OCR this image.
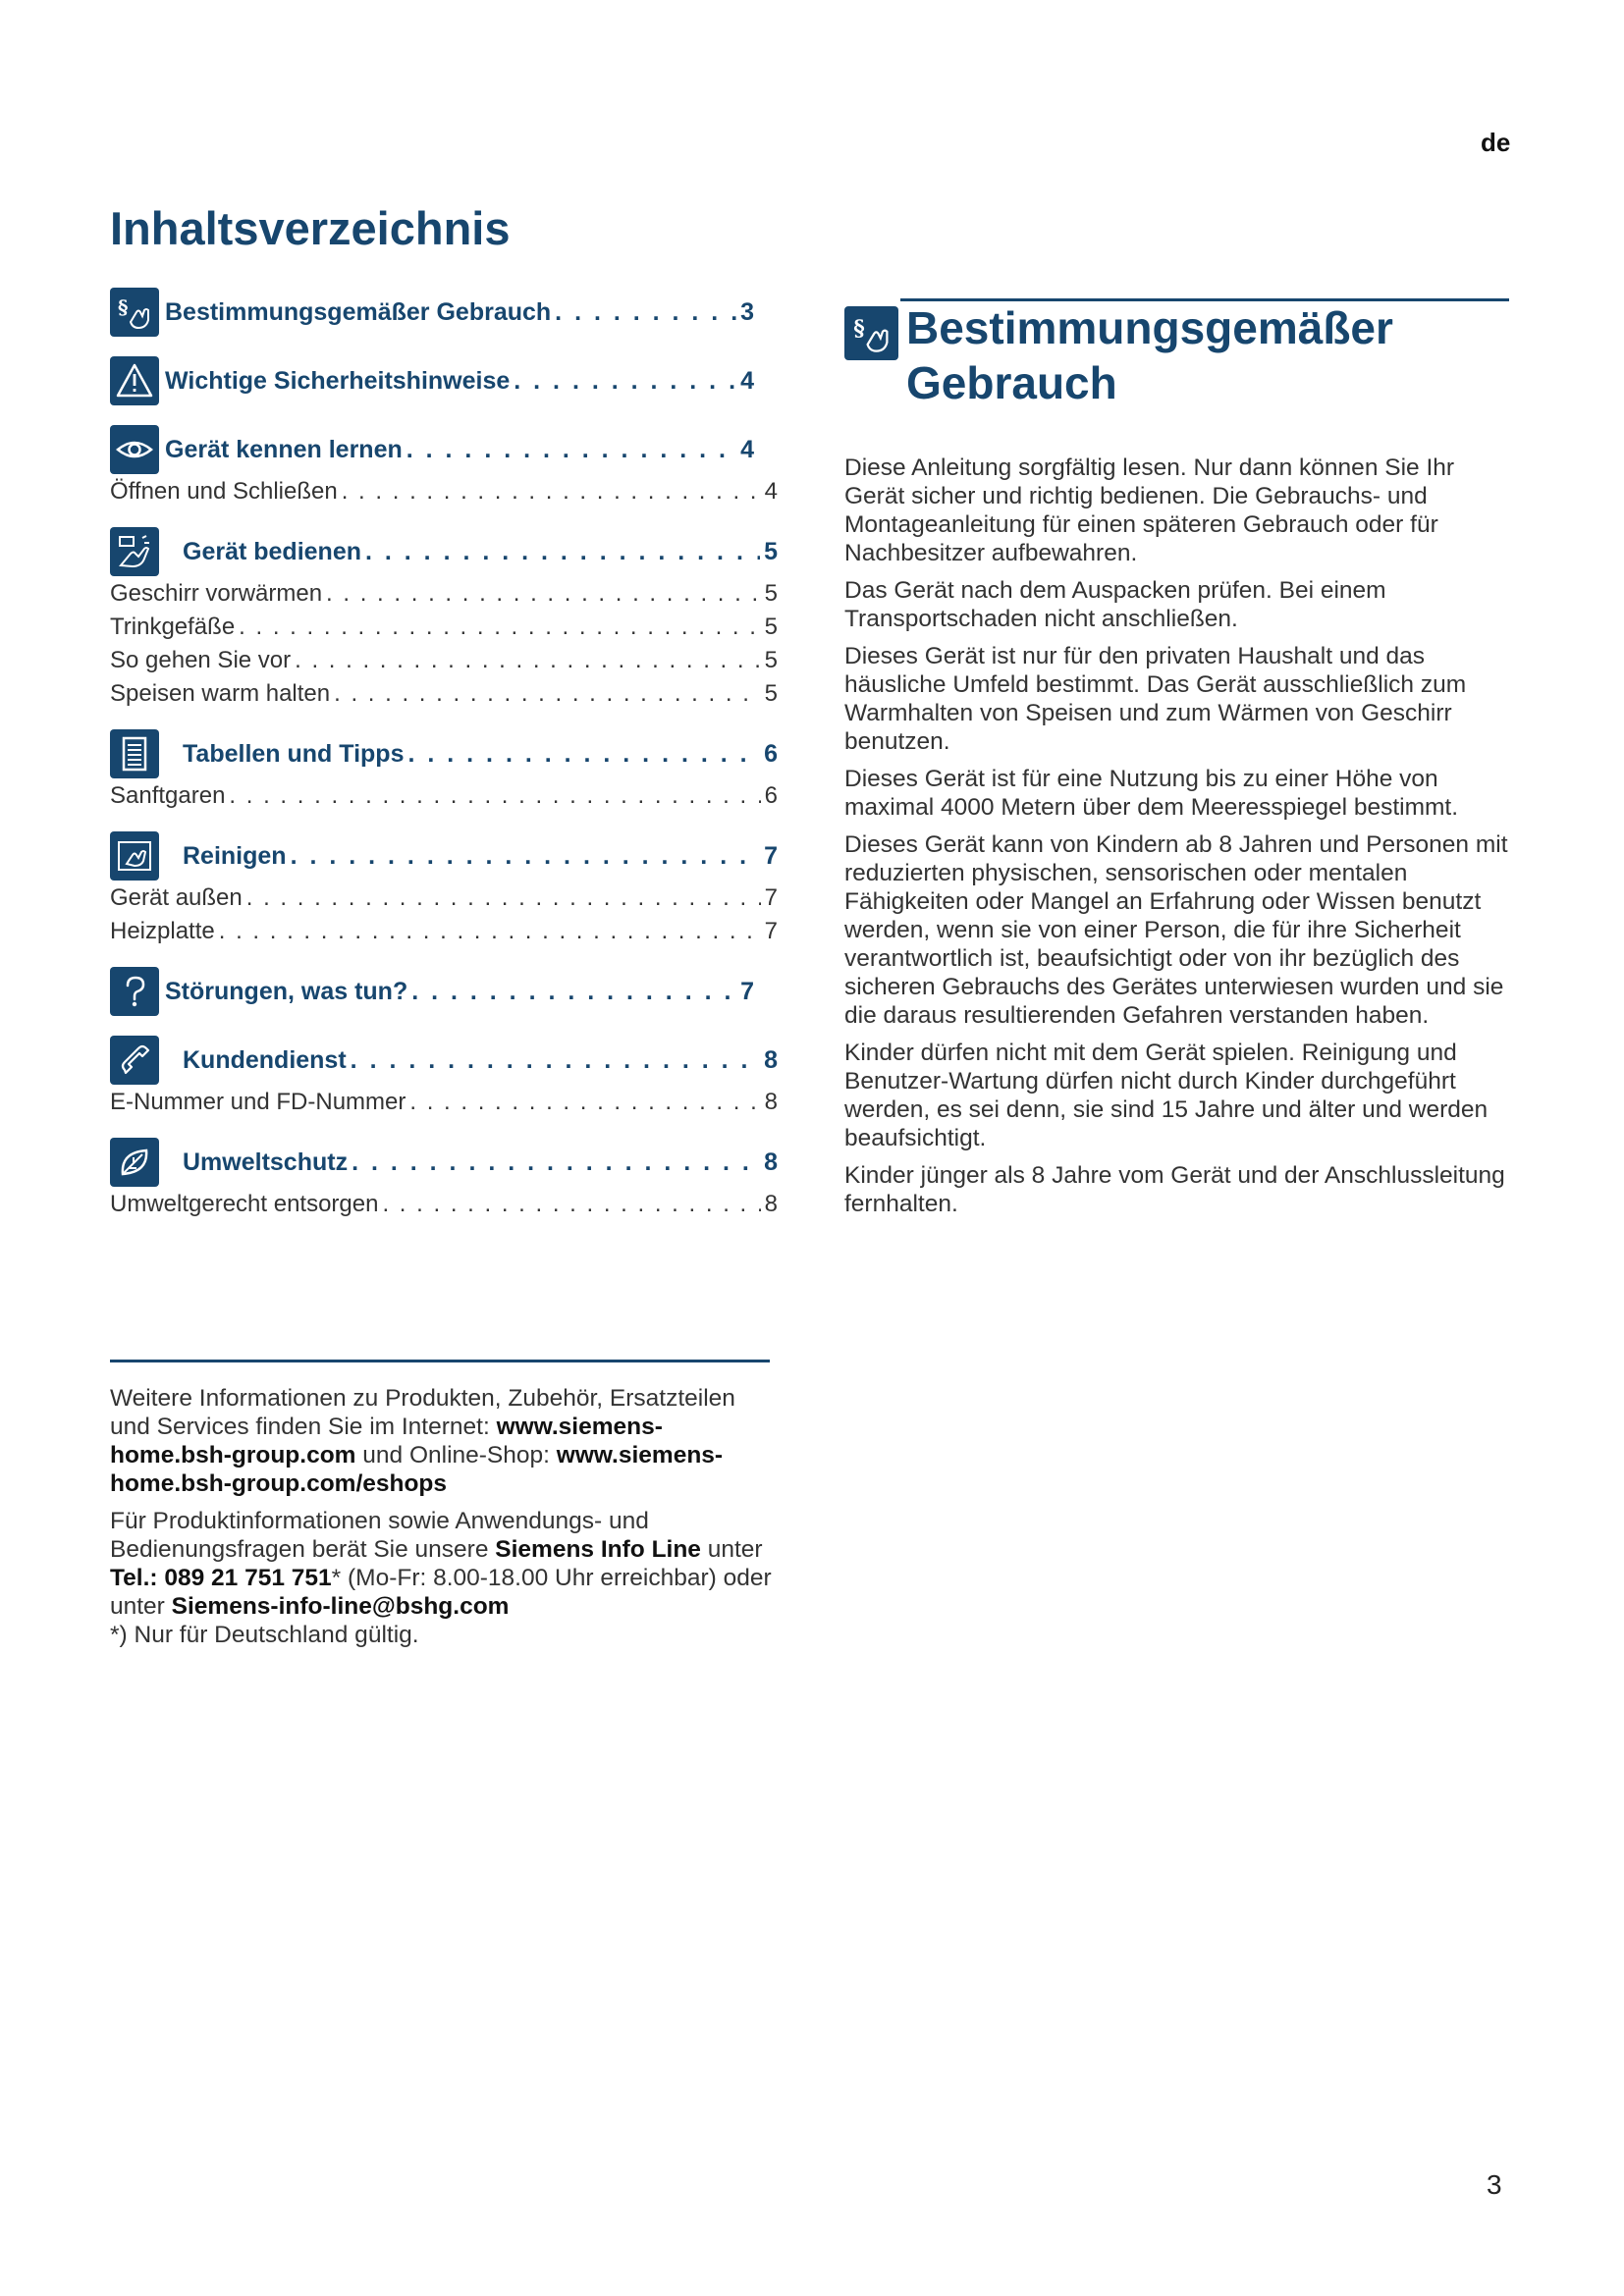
de
Inhaltsverzeichnis
§ Bestimmungsgemäßer Gebrauch . . .	3
Wichtige Sicherheitshinweise . . .	4
Gerät kennen lernen . . .	4
Öffnen und Schließen . . .	4
Gerät bedienen . . .	5
Geschirr vorwärmen . . .	5
Trinkgefäße . . .	5
So gehen Sie vor . . .	5
Speisen warm halten . . .	5
Tabellen und Tipps . . .	6
Sanftgaren . . .	6
Reinigen . . .	7
Gerät außen . . .	7
Heizplatte . . .	7
Störungen, was tun? . . .	7
Kundendienst . . .	8
E-Nummer und FD-Nummer . . .	8
Umweltschutz . . .	8
Umweltgerecht entsorgen . . .	8
§ Bestimmungsgemäßer
Gebrauch

Diese Anleitung sorgfältig lesen. Nur dann können Sie Ihr Gerät sicher und richtig bedienen. Die Gebrauchs- und Montageanleitung für einen späteren Gebrauch oder für Nachbesitzer aufbewahren.

Das Gerät nach dem Auspacken prüfen. Bei einem Transportschaden nicht anschließen.

Dieses Gerät ist nur für den privaten Haushalt und das häusliche Umfeld bestimmt. Das Gerät ausschließlich zum Warmhalten von Speisen und zum Wärmen von Geschirr benutzen.

Dieses Gerät ist für eine Nutzung bis zu einer Höhe von maximal 4000 Metern über dem Meeresspiegel bestimmt.

Dieses Gerät kann von Kindern ab 8 Jahren und Personen mit reduzierten physischen, sensorischen oder mentalen Fähigkeiten oder Mangel an Erfahrung oder Wissen benutzt werden, wenn sie von einer Person, die für ihre Sicherheit verantwortlich ist, beaufsichtigt oder von ihr bezüglich des sicheren Gebrauchs des Gerätes unterwiesen wurden und sie die daraus resultierenden Gefahren verstanden haben.

Kinder dürfen nicht mit dem Gerät spielen. Reinigung und Benutzer-Wartung dürfen nicht durch Kinder durchgeführt werden, es sei denn, sie sind 15 Jahre und älter und werden beaufsichtigt.

Kinder jünger als 8 Jahre vom Gerät und der Anschlussleitung fernhalten.

Weitere Informationen zu Produkten, Zubehör, Ersatzteilen und Services finden Sie im Internet: www.siemens-home.bsh-group.com und Online-Shop: www.siemens-home.bsh-group.com/eshops

Für Produktinformationen sowie Anwendungs- und Bedienungsfragen berät Sie unsere Siemens Info Line unter Tel.: 089 21 751 751* (Mo-Fr: 8.00-18.00 Uhr erreichbar) oder unter Siemens-info-line@bshg.com
*) Nur für Deutschland gültig.

3
